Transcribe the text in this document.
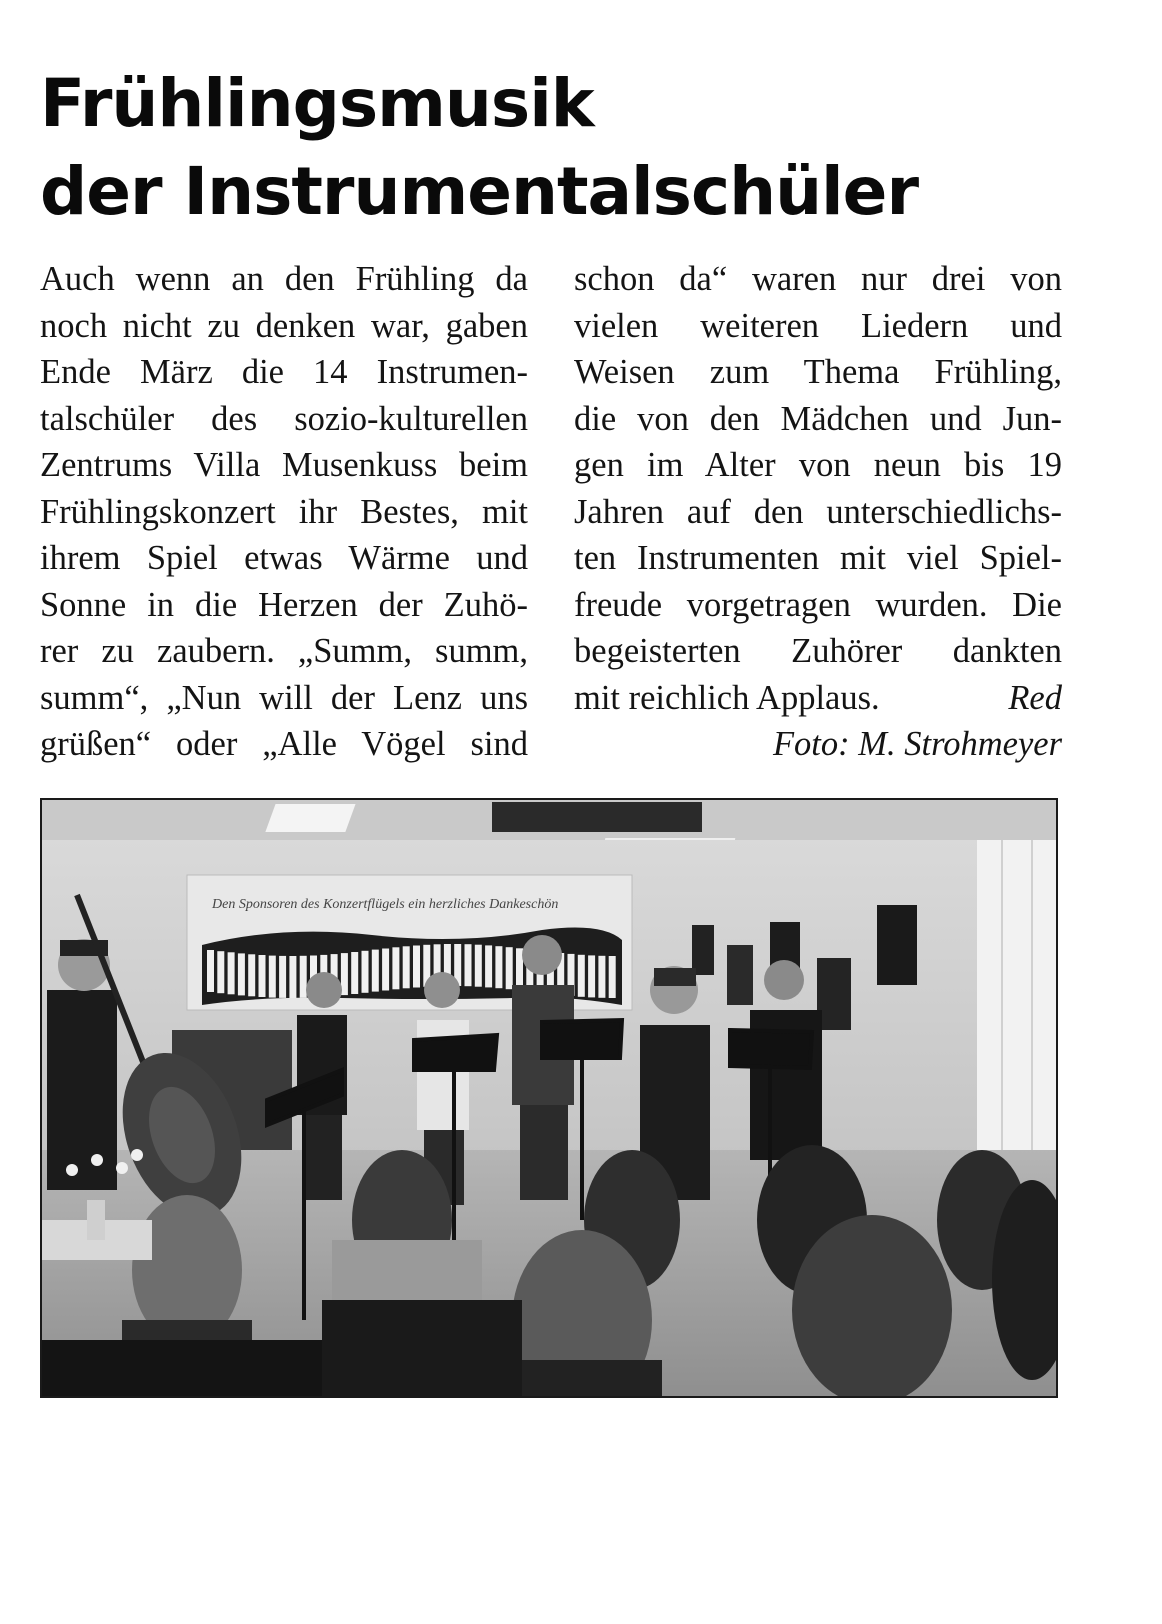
Frühlingsmusik
der Instrumentalschüler
Auch wenn an den Frühling da
noch nicht zu denken war, gaben
Ende März die 14 Instrumen-
talschüler des sozio-kulturellen
Zentrums Villa Musenkuss beim
Frühlingskonzert ihr Bestes, mit
ihrem Spiel etwas Wärme und
Sonne in die Herzen der Zuhö-
rer zu zaubern. „Summ, summ,
summ“, „Nun will der Lenz uns
grüßen“ oder „Alle Vögel sind
schon da“ waren nur drei von
vielen weiteren Liedern und
Weisen zum Thema Frühling,
die von den Mädchen und Jun-
gen im Alter von neun bis 19
Jahren auf den unterschiedlichs-
ten Instrumenten mit viel Spiel-
freude vorgetragen wurden. Die
begeisterten Zuhörer dankten
mit reichlich Applaus.	Red
Foto: M. Strohmeyer
Den Sponsoren des Konzertflügels ein herzliches Dankeschön
